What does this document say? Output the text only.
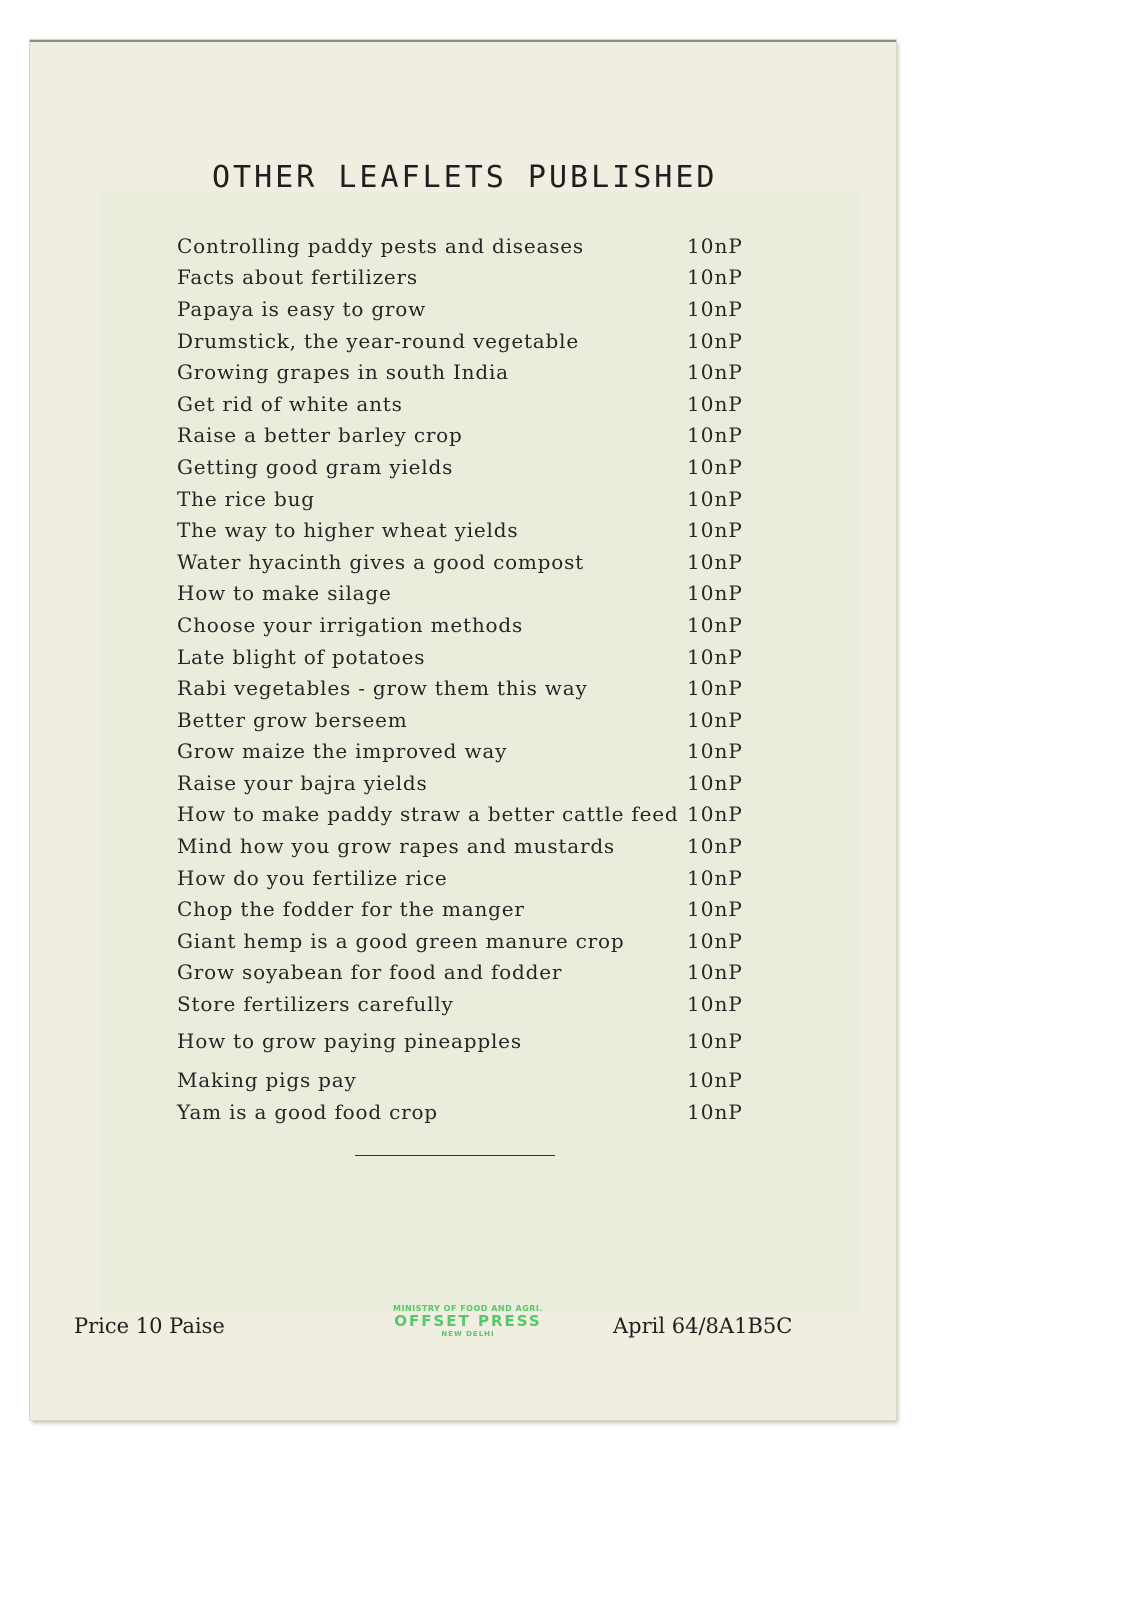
OTHER LEAFLETS PUBLISHED
Controlling paddy pests and diseases	10nP
Facts about fertilizers	10nP
Papaya is easy to grow	10nP
Drumstick, the year-round vegetable	10nP
Growing grapes in south India	10nP
Get rid of white ants	10nP
Raise a better barley crop	10nP
Getting good gram yields	10nP
The rice bug	10nP
The way to higher wheat yields	10nP
Water hyacinth gives a good compost	10nP
How to make silage	10nP
Choose your irrigation methods	10nP
Late blight of potatoes	10nP
Rabi vegetables - grow them this way	10nP
Better grow berseem	10nP
Grow maize the improved way	10nP
Raise your bajra yields	10nP
How to make paddy straw a better cattle feed 10nP
Mind how you grow rapes and mustards	10nP
How do you fertilize rice	10nP
Chop the fodder for the manger	10nP
Giant hemp is a good green manure crop	10nP
Grow soyabean for food and fodder	10nP
Store fertilizers carefully	10nP
How to grow paying pineapples	10nP
Making pigs pay	10nP
Yam is a good food crop	10nP
Price 10 Paise
MINISTRY OF FOOD AND AGRI.
OFFSET PRESS
NEW DELHI	April 64/8A1B5C
